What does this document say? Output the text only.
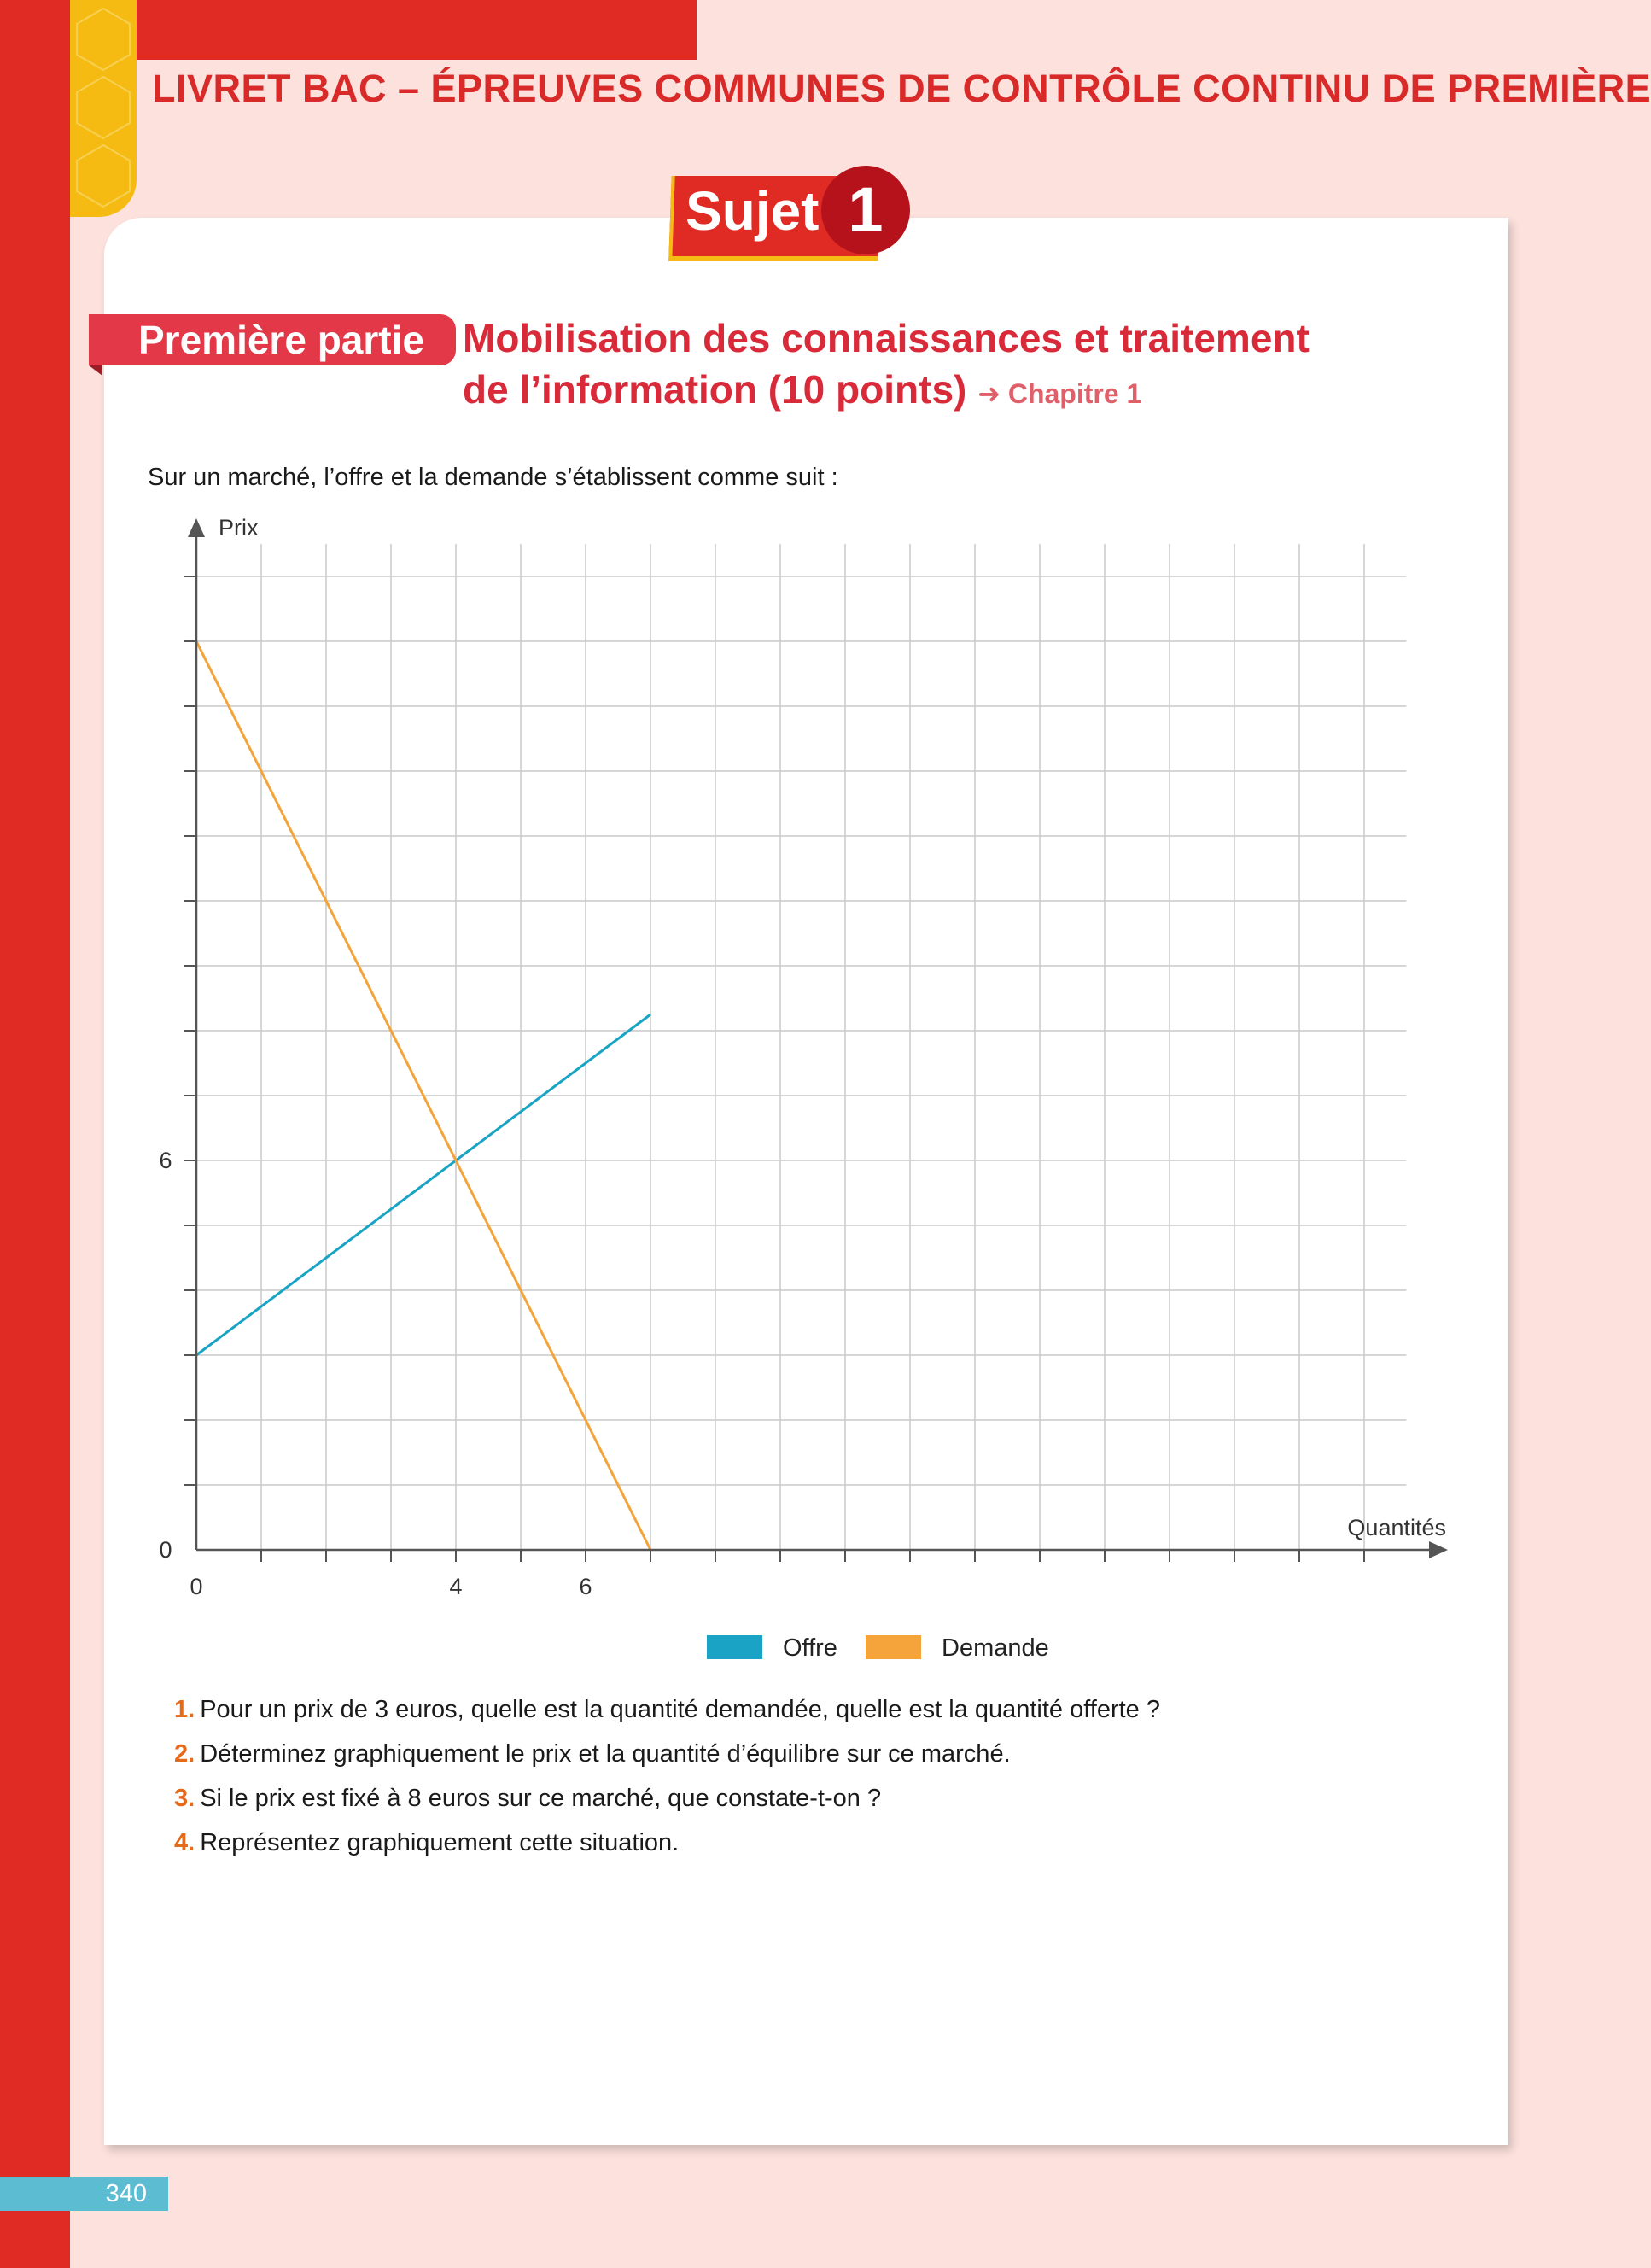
LIVRET BAC – ÉPREUVES COMMUNES DE CONTRÔLE CONTINU DE PREMIÈRE
Sujet 1
Première partie Mobilisation des connaissances et traitement
de l’information (10 points) ➜ Chapitre 1
Sur un marché, l’offre et la demande s’établissent comme suit :
0	4	6
0
6
Prix
Quantités
Offre	Demande
1. Pour un prix de 3 euros, quelle est la quantité demandée, quelle est la quantité offerte ?
2. Déterminez graphiquement le prix et la quantité d’équilibre sur ce marché.
3. Si le prix est fixé à 8 euros sur ce marché, que constate-t-on ?
4. Représentez graphiquement cette situation.
340
